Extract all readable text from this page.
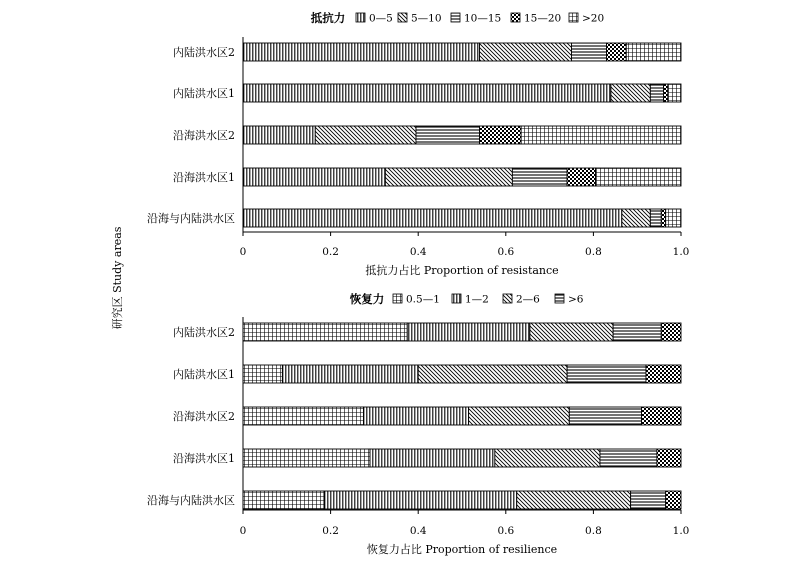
研究区 Study areas
抵抗力 0—5 5—10 10—15 15—20 >20
内陆洪水区2
内陆洪水区1
沿海洪水区2
沿海洪水区1
沿海与内陆洪水区
0	0.2	0.4	0.6	0.8	1.0
抵抗力占比 Proportion of resistance
恢复力 0.5—1 1—2	2—6	>6
内陆洪水区2
内陆洪水区1
沿海洪水区2
沿海洪水区1
沿海与内陆洪水区
0	0.2	0.4	0.6	0.8	1.0
恢复力占比 Proportion of resilience
